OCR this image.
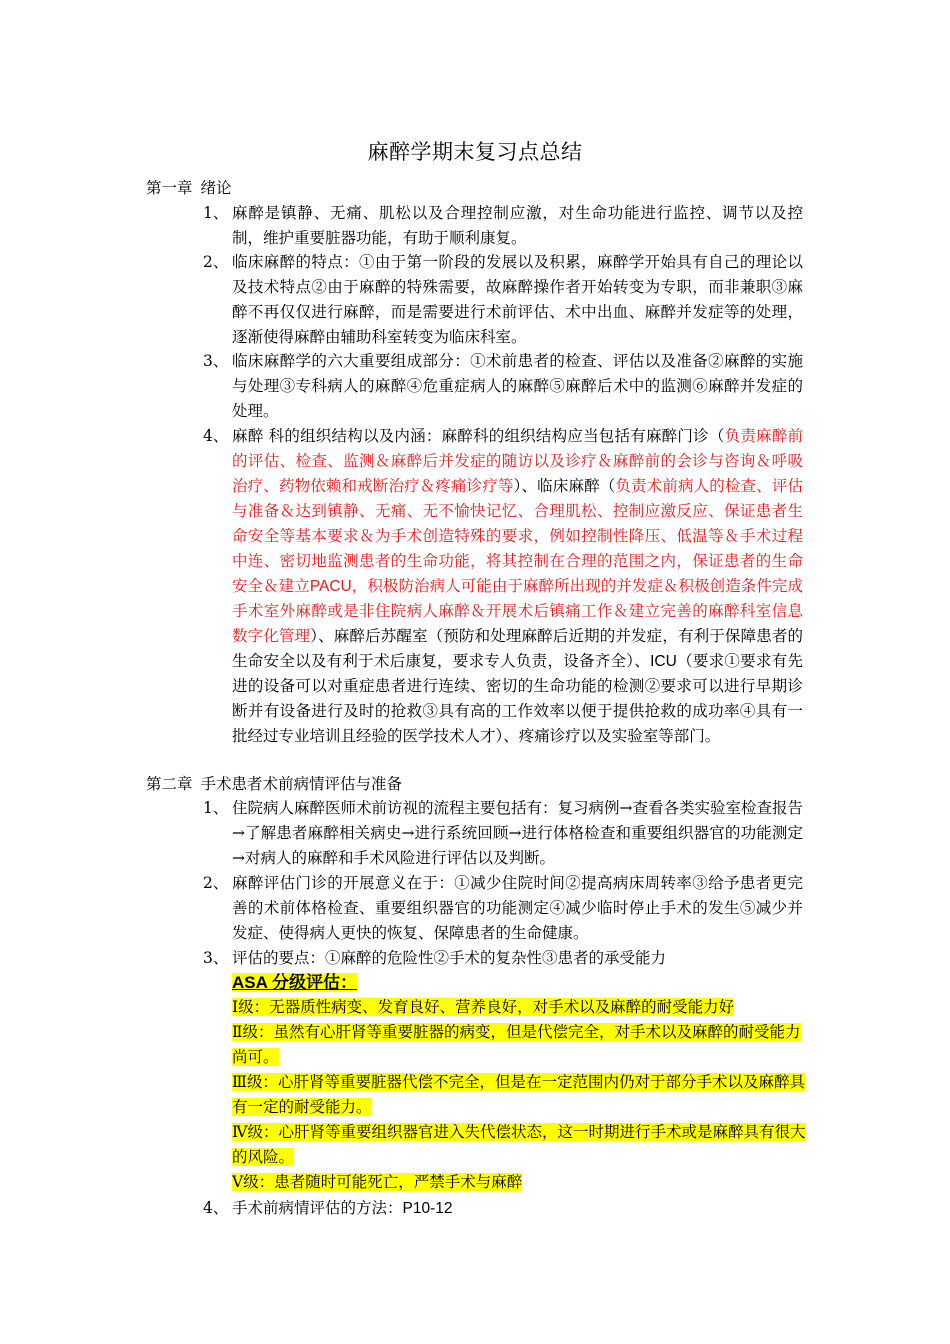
麻醉学期末复习点总结
第一章 绪论
1、 麻醉是镇静、无痛、肌松以及合理控制应激，对生命功能进行监控、调节以及控制，维护重要脏器功能，有助于顺利康复。
2、 临床麻醉的特点：①由于第一阶段的发展以及积累，麻醉学开始具有自己的理论以及技术特点②由于麻醉的特殊需要，故麻醉操作者开始转变为专职，而非兼职③麻醉不再仅仅进行麻醉，而是需要进行术前评估、术中出血、麻醉并发症等的处理，逐渐使得麻醉由辅助科室转变为临床科室。
3、 临床麻醉学的六大重要组成部分：①术前患者的检查、评估以及准备②麻醉的实施与处理③专科病人的麻醉④危重症病人的麻醉⑤麻醉后术中的监测⑥麻醉并发症的处理。
4、 麻醉 科的组织结构以及内涵：麻醉科的组织结构应当包括有麻醉门诊（负责麻醉前的评估、检查、监测＆麻醉后并发症的随访以及诊疗＆麻醉前的会诊与咨询＆呼吸治疗、药物依赖和戒断治疗＆疼痛诊疗等）、临床麻醉（负责术前病人的检查、评估与准备＆达到镇静、无痛、无不愉快记忆、合理肌松、控制应激反应、保证患者生命安全等基本要求＆为手术创造特殊的要求，例如控制性降压、低温等＆手术过程中连、密切地监测患者的生命功能，将其控制在合理的范围之内，保证患者的生命安全＆建立PACU，积极防治病人可能由于麻醉所出现的并发症＆积极创造条件完成手术室外麻醉或是非住院病人麻醉＆开展术后镇痛工作＆建立完善的麻醉科室信息数字化管理）、麻醉后苏醒室（预防和处理麻醉后近期的并发症，有利于保障患者的生命安全以及有利于术后康复，要求专人负责，设备齐全）、ICU（要求①要求有先进的设备可以对重症患者进行连续、密切的生命功能的检测②要求可以进行早期诊断并有设备进行及时的抢救③具有高的工作效率以便于提供抢救的成功率④具有一批经过专业培训且经验的医学技术人才）、疼痛诊疗以及实验室等部门。
第二章 手术患者术前病情评估与准备
1、 住院病人麻醉医师术前访视的流程主要包括有：复习病例→查看各类实验室检查报告→了解患者麻醉相关病史→进行系统回顾→进行体格检查和重要组织器官的功能测定→对病人的麻醉和手术风险进行评估以及判断。
2、 麻醉评估门诊的开展意义在于：①减少住院时间②提高病床周转率③给予患者更完善的术前体格检查、重要组织器官的功能测定④减少临时停止手术的发生⑤减少并发症、使得病人更快的恢复、保障患者的生命健康。
3、 评估的要点：①麻醉的危险性②手术的复杂性③患者的承受能力
ASA 分级评估：

Ⅰ级：无器质性病变、发育良好、营养良好，对手术以及麻醉的耐受能力好

Ⅱ级：虽然有心肝肾等重要脏器的病变，但是代偿完全，对手术以及麻醉的耐受能力尚可。

Ⅲ级：心肝肾等重要脏器代偿不完全，但是在一定范围内仍对于部分手术以及麻醉具有一定的耐受能力。

Ⅳ级：心肝肾等重要组织器官进入失代偿状态，这一时期进行手术或是麻醉具有很大的风险。

Ⅴ级：患者随时可能死亡，严禁手术与麻醉

4、 手术前病情评估的方法：P10-12
